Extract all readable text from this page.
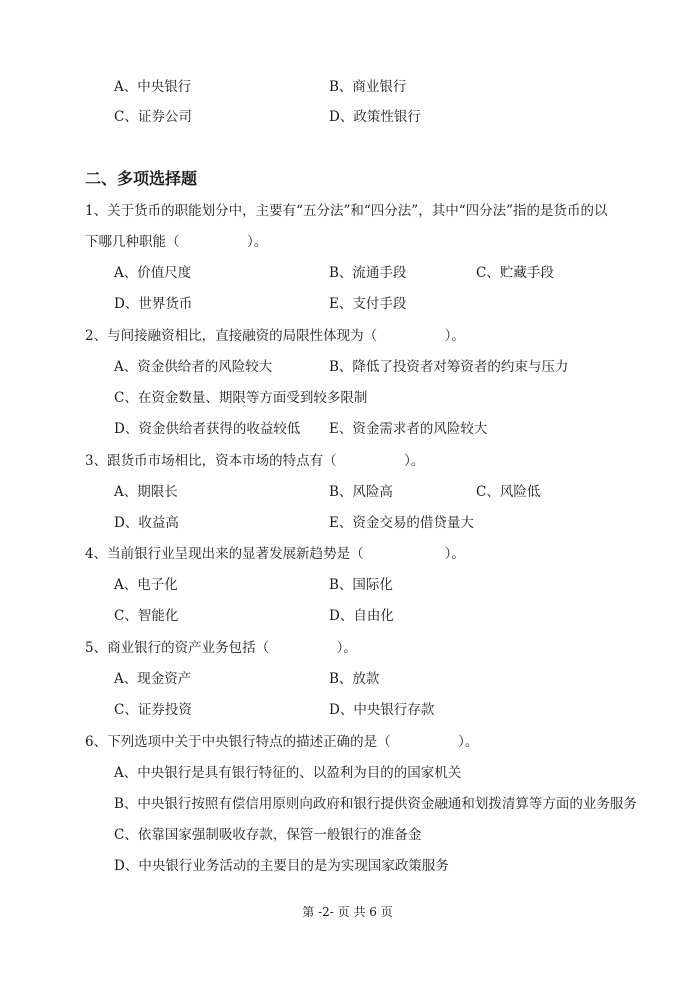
A、中央银行	B、商业银行
C、证券公司	D、政策性银行
二、多项选择题
1、关于货币的职能划分中，主要有“五分法”和“四分法”，其中“四分法”指的是货币的以
下哪几种职能（　　　　　）。
A、价值尺度	B、流通手段	C、贮藏手段
D、世界货币	E、支付手段
2、与间接融资相比，直接融资的局限性体现为（　　　　　）。
A、资金供给者的风险较大	B、降低了投资者对筹资者的约束与压力
C、在资金数量、期限等方面受到较多限制
D、资金供给者获得的收益较低 E、资金需求者的风险较大
3、跟货币市场相比，资本市场的特点有（　　　　　）。
A、期限长	B、风险高	C、风险低
D、收益高	E、资金交易的借贷量大
4、当前银行业呈现出来的显著发展新趋势是（　　　　　　）。
A、电子化	B、国际化
C、智能化	D、自由化
5、商业银行的资产业务包括（　　　　　）。
A、现金资产	B、放款
C、证券投资	D、中央银行存款
6、下列选项中关于中央银行特点的描述正确的是（　　　　　）。
A、中央银行是具有银行特征的、以盈利为目的的国家机关
B、中央银行按照有偿信用原则向政府和银行提供资金融通和划拨清算等方面的业务服务
C、依靠国家强制吸收存款，保管一般银行的准备金
D、中央银行业务活动的主要目的是为实现国家政策服务
第 -2- 页 共 6 页
